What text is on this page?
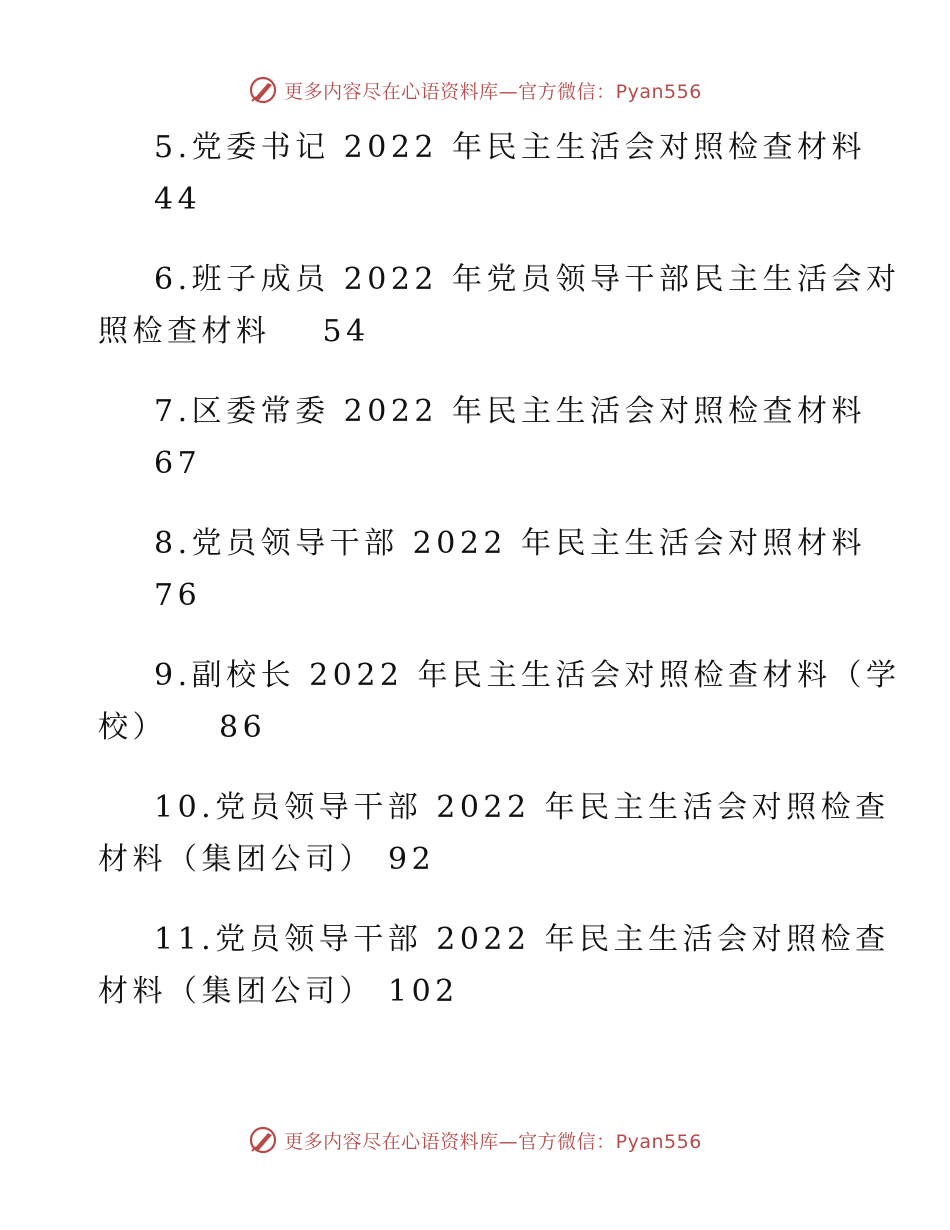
更多内容尽在心语资料库—官方微信：Pyan556
5.党委书记 2022 年民主生活会对照检查材料
44
6.班子成员 2022 年党员领导干部民主生活会对
照检查材料 54
7.区委常委 2022 年民主生活会对照检查材料
67
8.党员领导干部 2022 年民主生活会对照材料
76
9.副校长 2022 年民主生活会对照检查材料（学
校） 86
10.党员领导干部 2022 年民主生活会对照检查
材料（集团公司） 92
11.党员领导干部 2022 年民主生活会对照检查
材料（集团公司） 102
更多内容尽在心语资料库—官方微信：Pyan556
